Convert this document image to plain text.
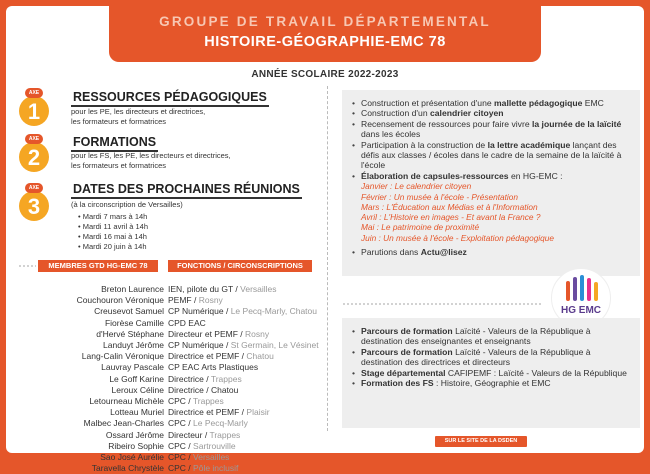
GROUPE DE TRAVAIL DÉPARTEMENTAL
HISTOIRE-GÉOGRAPHIE-EMC 78
ANNÉE SCOLAIRE 2022-2023
AXE
1
RESSOURCES PÉDAGOGIQUES
pour les PE, les directeurs et directrices,
les formateurs et formatrices
AXE
2
FORMATIONS
pour les FS, les PE, les directeurs et directrices,
les formateurs et formatrices
AXE
3
DATES DES PROCHAINES RÉUNIONS
(à la circonscription de Versailles)
• Mardi 7 mars à 14h
• Mardi 11 avril à 14h
• Mardi 16 mai à 14h
• Mardi 20 juin à 14h
MEMBRES GTD HG-EMC 78	FONCTIONS / CIRCONSCRIPTIONS
Breton Laurence
Couchouron Véronique
Creusevot Samuel
Fiorèse Camille
d'Hervé Stéphane
Landuyt Jérôme
Lang-Calin Véronique
Lauvray Pascale
Le Goff Karine
Leroux Céline
Letourneau Michèle
Lotteau Muriel
Malbec Jean-Charles
Ossard Jérôme
Ribeiro Sophie
Sao José Aurélie
Taravella Chrystèle
IEN, pilote du GT / Versailles
PEMF / Rosny
CP Numérique / Le Pecq-Marly, Chatou
CPD EAC
Directeur et PEMF / Rosny
CP Numérique / St Germain, Le Vésinet
Directrice et PEMF / Chatou
CP EAC Arts Plastiques
Directrice / Trappes
Directrice / Chatou
CPC / Trappes
Directrice et PEMF / Plaisir
CPC / Le Pecq-Marly
Directeur / Trappes
CPC / Sartrouville
CPC / Versailles
CPC / Pôle inclusif
• Construction et présentation d'une mallette pédagogique EMC
• Construction d'un calendrier citoyen
• Recensement de ressources pour faire vivre la journée de la laïcité dans les écoles
• Participation à la construction de la lettre académique lançant des défis aux classes / écoles dans le cadre de la semaine de la laïcité à l'école
• Élaboration de capsules-ressources en HG-EMC :
Janvier : Le calendrier citoyen
Février : Un musée à l'école - Présentation
Mars : L'Éducation aux Médias et à l'Information
Avril : L'Histoire en images - Et avant la France ?
Mai : Le patrimoine de proximité
Juin : Un musée à l'école - Exploitation pédagogique
• Parutions dans Actu@lisez
HG EMC
• Parcours de formation Laïcité - Valeurs de la République à destination des enseignantes et enseignants
• Parcours de formation Laïcité - Valeurs de la République à destination des directrices et directeurs
• Stage départemental CAFIPEMF : Laïcité - Valeurs de la République
• Formation des FS : Histoire, Géographie et EMC
SUR LE SITE DE LA DSDEN
